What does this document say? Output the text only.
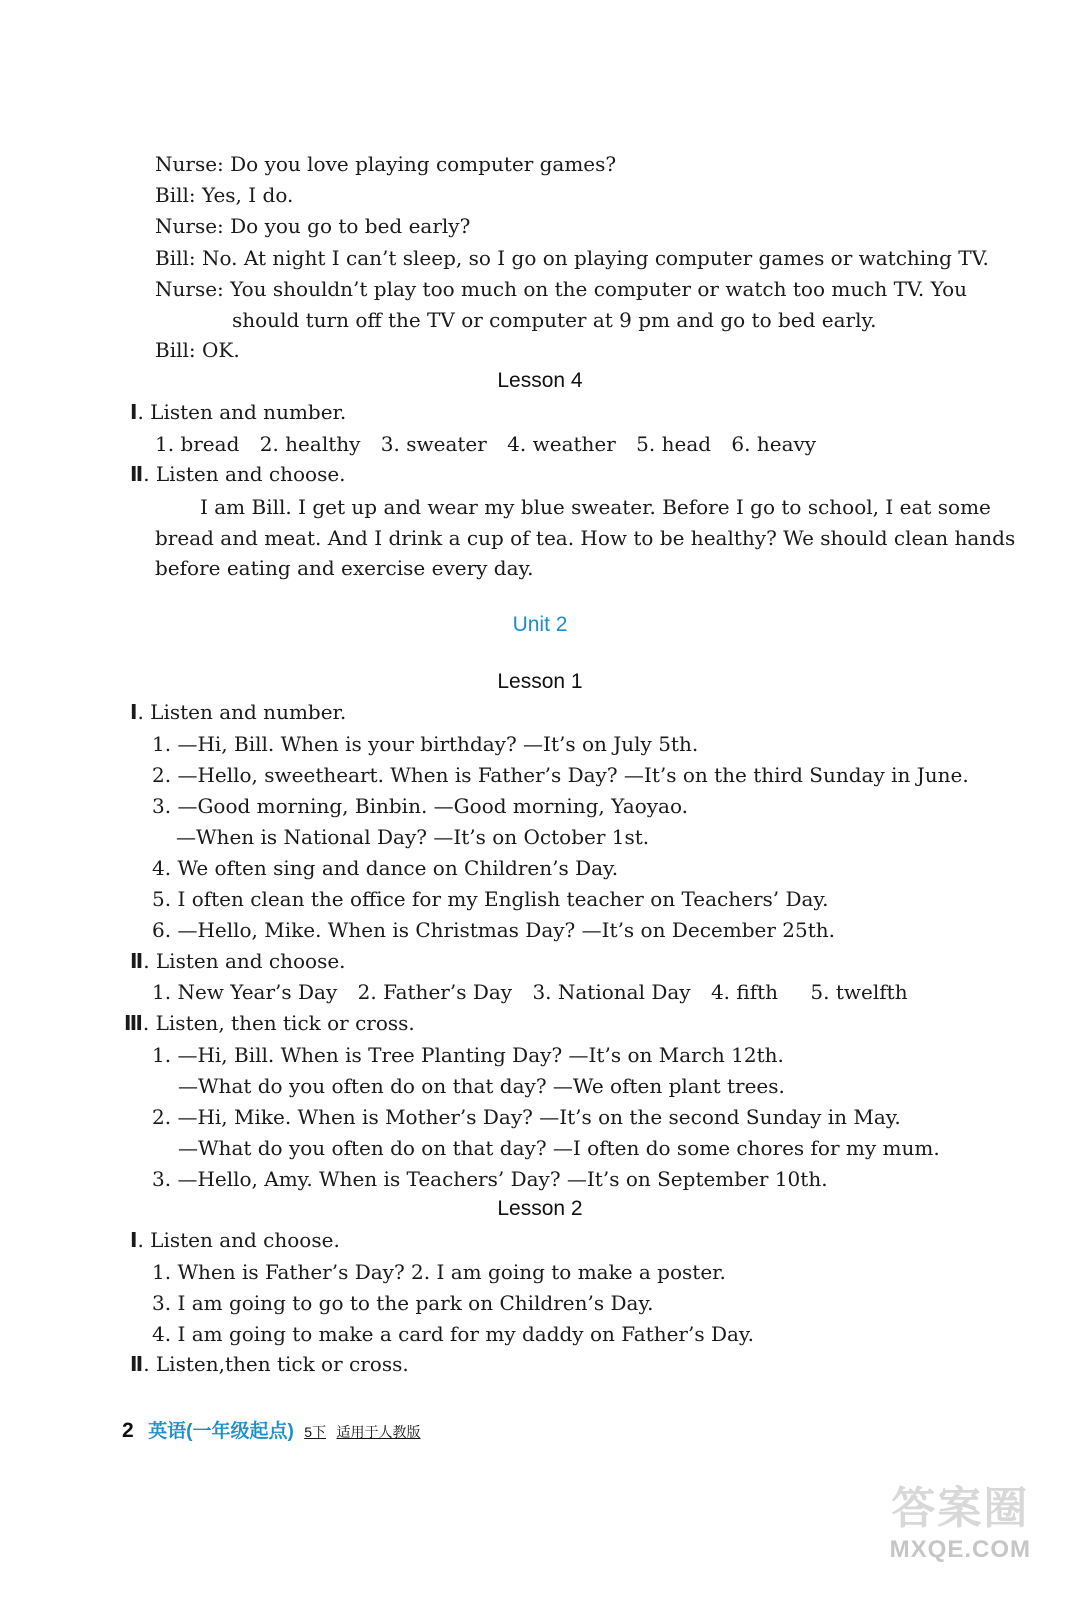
Nurse: Do you love playing computer games?
Bill: Yes, I do.
Nurse: Do you go to bed early?
Bill: No. At night I can’t sleep, so I go on playing computer games or watching TV.
Nurse: You shouldn’t play too much on the computer or watch too much TV. You
should turn off the TV or computer at 9 pm and go to bed early.
Bill: OK.
Lesson 4
Ⅰ. Listen and number.
1. bread 2. healthy 3. sweater 4. weather 5. head 6. heavy
Ⅱ. Listen and choose.
I am Bill. I get up and wear my blue sweater. Before I go to school, I eat some
bread and meat. And I drink a cup of tea. How to be healthy? We should clean hands
before eating and exercise every day.
Unit 2
Lesson 1
Ⅰ. Listen and number.
1. —Hi, Bill. When is your birthday? —It’s on July 5th.
2. —Hello, sweetheart. When is Father’s Day? —It’s on the third Sunday in June.
3. —Good morning, Binbin. —Good morning, Yaoyao.
—When is National Day? —It’s on October 1st.
4. We often sing and dance on Children’s Day.
5. I often clean the office for my English teacher on Teachers’ Day.
6. —Hello, Mike. When is Christmas Day? —It’s on December 25th.
Ⅱ. Listen and choose.
1. New Year’s Day 2. Father’s Day 3. National Day 4. fifth 5. twelfth
Ⅲ. Listen, then tick or cross.
1. —Hi, Bill. When is Tree Planting Day? —It’s on March 12th.
—What do you often do on that day? —We often plant trees.
2. —Hi, Mike. When is Mother’s Day? —It’s on the second Sunday in May.
—What do you often do on that day? —I often do some chores for my mum.
3. —Hello, Amy. When is Teachers’ Day? —It’s on September 10th.
Lesson 2
Ⅰ. Listen and choose.
1. When is Father’s Day? 2. I am going to make a poster.
3. I am going to go to the park on Children’s Day.
4. I am going to make a card for my daddy on Father’s Day.
Ⅱ. Listen,then tick or cross.
2 英语(一年级起点) 5下 适用于人教版
答案圈
MXQE.COM
